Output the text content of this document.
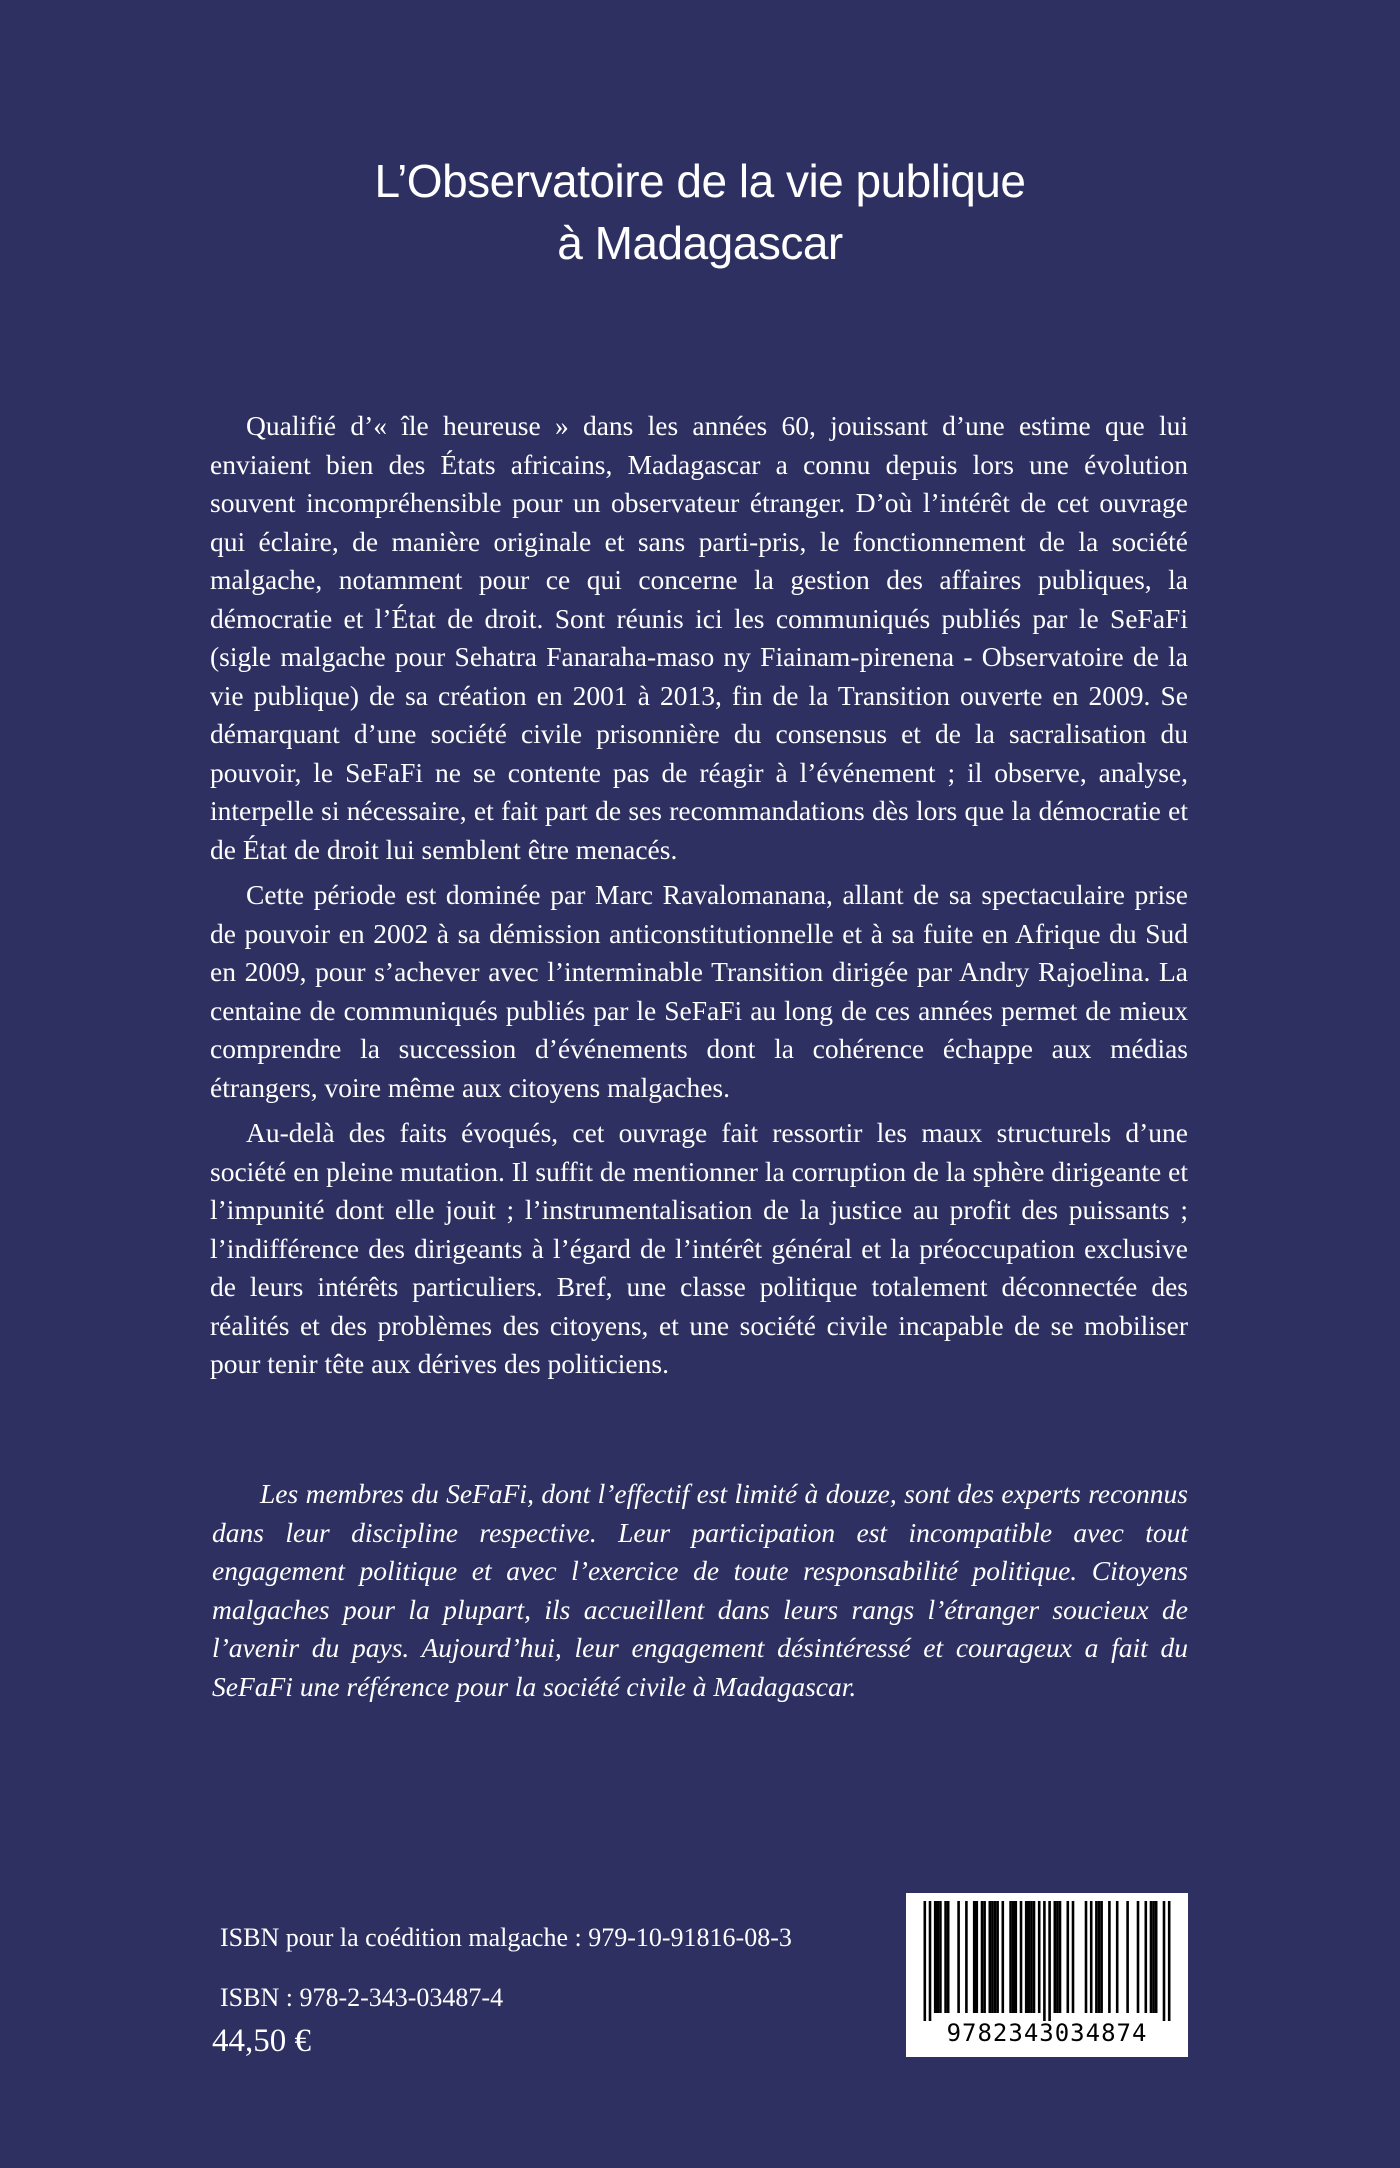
L’Observatoire de la vie publique
à Madagascar

Qualifié d’« île heureuse » dans les années 60, jouissant d’une estime que lui enviaient bien des États africains, Madagascar a connu depuis lors une évolution souvent incompréhensible pour un observateur étranger. D’où l’intérêt de cet ouvrage qui éclaire, de manière originale et sans parti-pris, le fonctionnement de la société malgache, notamment pour ce qui concerne la gestion des affaires publiques, la démocratie et l’État de droit. Sont réunis ici les communiqués publiés par le SeFaFi (sigle malgache pour Sehatra Fanaraha-maso ny Fiainam-pirenena - Observatoire de la vie publique) de sa création en 2001 à 2013, fin de la Transition ouverte en 2009. Se démarquant d’une société civile prisonnière du consensus et de la sacralisation du pouvoir, le SeFaFi ne se contente pas de réagir à l’événement ; il observe, analyse, interpelle si nécessaire, et fait part de ses recommandations dès lors que la démocratie et de État de droit lui semblent être menacés.

Cette période est dominée par Marc Ravalomanana, allant de sa spectaculaire prise de pouvoir en 2002 à sa démission anticonstitutionnelle et à sa fuite en Afrique du Sud en 2009, pour s’achever avec l’interminable Transition dirigée par Andry Rajoelina. La centaine de communiqués publiés par le SeFaFi au long de ces années permet de mieux comprendre la succession d’événements dont la cohérence échappe aux médias étrangers, voire même aux citoyens malgaches.

Au-delà des faits évoqués, cet ouvrage fait ressortir les maux structurels d’une société en pleine mutation. Il suffit de mentionner la corruption de la sphère dirigeante et l’impunité dont elle jouit ; l’instrumentalisation de la justice au profit des puissants ; l’indifférence des dirigeants à l’égard de l’intérêt général et la préoccupation exclusive de leurs intérêts particuliers. Bref, une classe politique totalement déconnectée des réalités et des problèmes des citoyens, et une société civile incapable de se mobiliser pour tenir tête aux dérives des politiciens.

Les membres du SeFaFi, dont l’effectif est limité à douze, sont des experts reconnus dans leur discipline respective. Leur participation est incompatible avec tout engagement politique et avec l’exercice de toute responsabilité politique. Citoyens malgaches pour la plupart, ils accueillent dans leurs rangs l’étranger soucieux de l’avenir du pays. Aujourd’hui, leur engagement désintéressé et courageux a fait du SeFaFi une référence pour la société civile à Madagascar.

ISBN pour la coédition malgache : 979-10-91816-08-3
ISBN : 978-2-343-03487-4
44,50 €	9782343034874
